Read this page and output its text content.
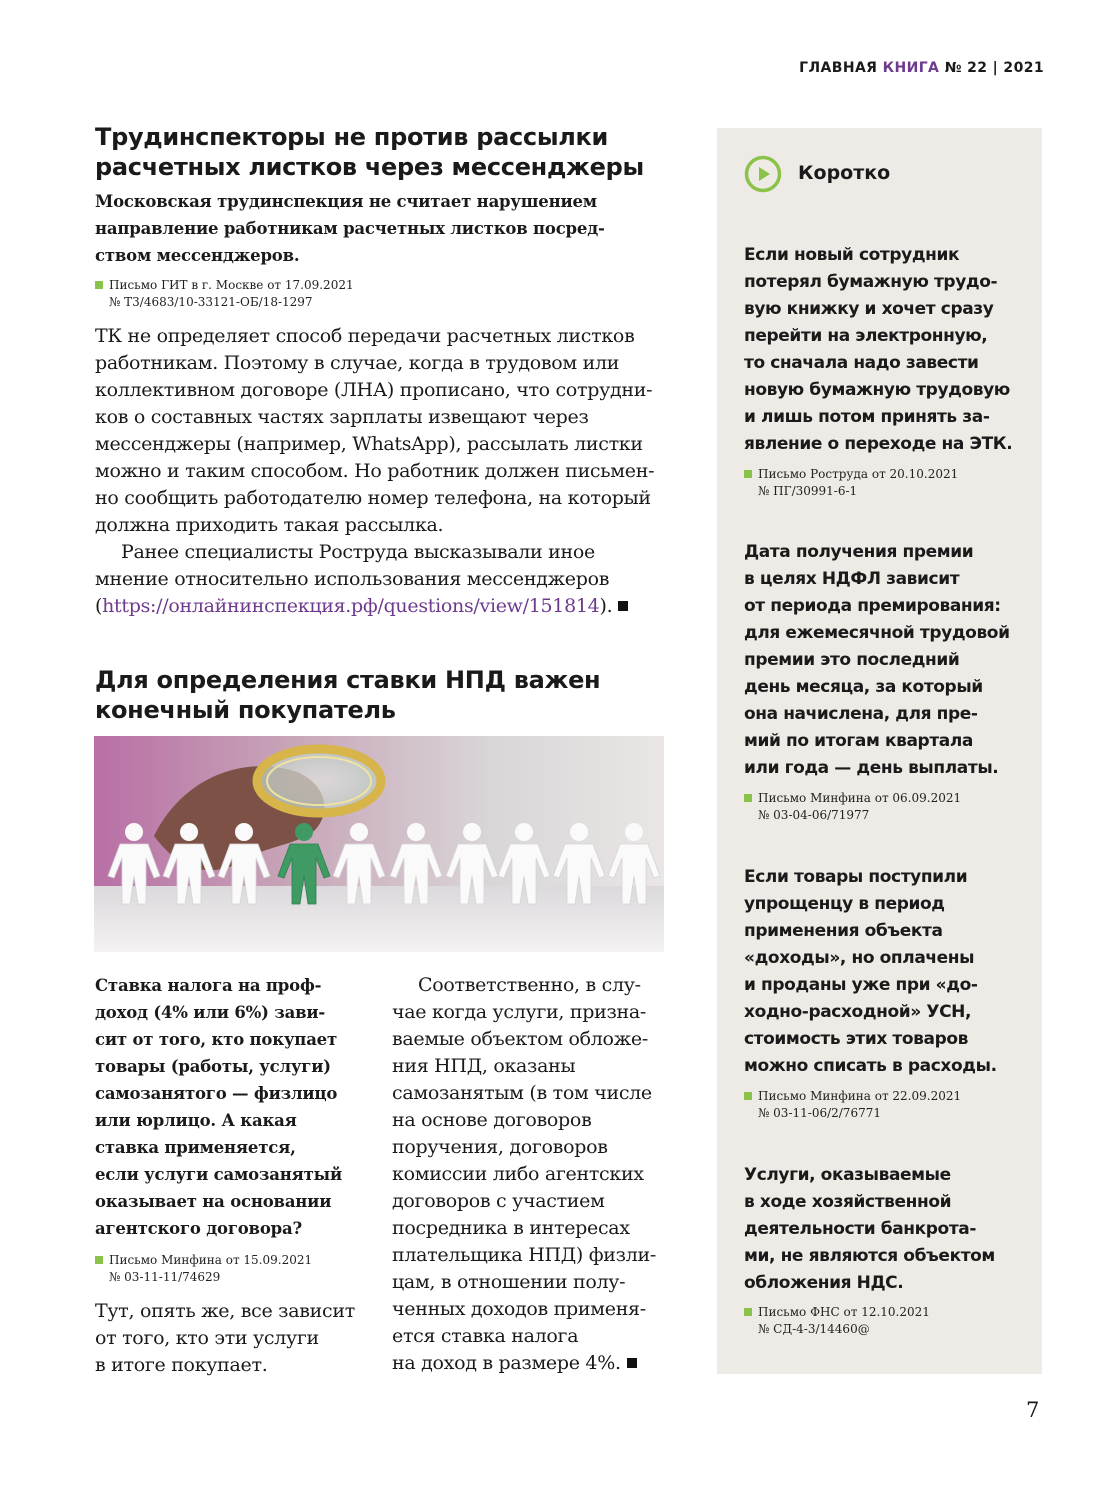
ГЛАВНАЯ КНИГА № 22 | 2021
Трудинспекторы не против рассылки
расчетных листков через мессенджеры

Московская трудинспекция не считает нарушением
направление работникам расчетных листков посред-
ством мессенджеров.

Письмо ГИТ в г. Москве от 17.09.2021
№ Т3/4683/10-33121-ОБ/18-1297
ТК не определяет способ передачи расчетных листков
работникам. Поэтому в случае, когда в трудовом или
коллективном договоре (ЛНА) прописано, что сотрудни-
ков о составных частях зарплаты извещают через
мессенджеры (например, WhatsApp), рассылать листки
можно и таким способом. Но работник должен письмен-
но сообщить работодателю номер телефона, на который
должна приходить такая рассылка.
Ранее специалисты Роструда высказывали иное
мнение относительно использования мессенджеров
(https://онлайнинспекция.рф/questions/view/151814).
Для определения ставки НПД важен
конечный покупатель

Ставка налога на проф-
доход (4% или 6%) зави-
сит от того, кто покупает
товары (работы, услуги)
самозанятого — физлицо
или юрлицо. А какая
ставка применяется,
если услуги самозанятый
оказывает на основании
агентского договора?

Письмо Минфина от 15.09.2021
№ 03-11-11/74629
Тут, опять же, все зависит
от того, кто эти услуги
в итоге покупает.
Соответственно, в слу-
чае когда услуги, призна-
ваемые объектом обложе-
ния НПД, оказаны
самозанятым (в том числе
на основе договоров
поручения, договоров
комиссии либо агентских
договоров с участием
посредника в интересах
плательщика НПД) физли-
цам, в отношении полу-
ченных доходов применя-
ется ставка налога
на доход в размере 4%.
Коротко

Если новый сотрудник
потерял бумажную трудо-
вую книжку и хочет сразу
перейти на электронную,
то сначала надо завести
новую бумажную трудовую
и лишь потом принять за-
явление о переходе на ЭТК.

Письмо Роструда от 20.10.2021
№ ПГ/30991-6-1

Дата получения премии
в целях НДФЛ зависит
от периода премирования:
для ежемесячной трудовой
премии это последний
день месяца, за который
она начислена, для пре-
мий по итогам квартала
или года — день выплаты.

Письмо Минфина от 06.09.2021
№ 03-04-06/71977

Если товары поступили
упрощенцу в период
применения объекта
«доходы», но оплачены
и проданы уже при «до-
ходно-расходной» УСН,
стоимость этих товаров
можно списать в расходы.

Письмо Минфина от 22.09.2021
№ 03-11-06/2/76771

Услуги, оказываемые
в ходе хозяйственной
деятельности банкрота-
ми, не являются объектом
обложения НДС.

Письмо ФНС от 12.10.2021
№ СД-4-3/14460@
7
